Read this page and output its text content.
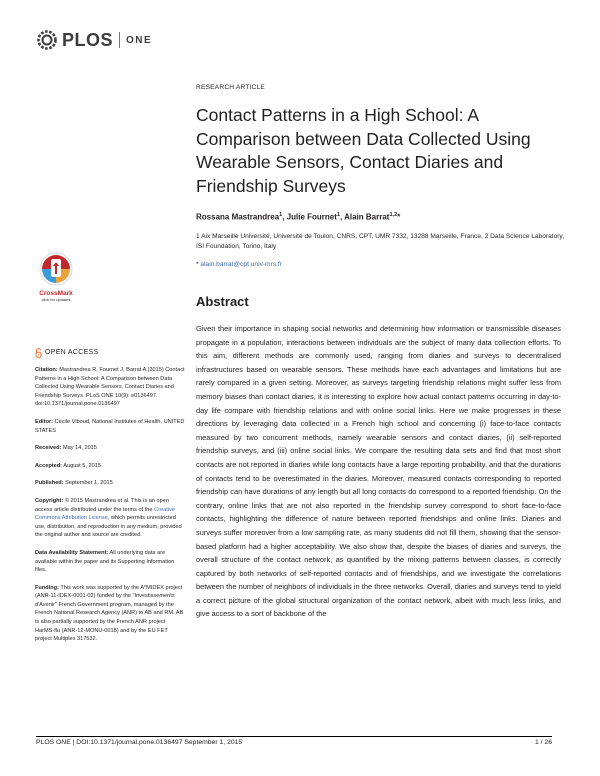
PLOS ONE
RESEARCH ARTICLE
Contact Patterns in a High School: A Comparison between Data Collected Using Wearable Sensors, Contact Diaries and Friendship Surveys
Rossana Mastrandrea$^1$, Julie Fournet$^1$, Alain Barrat$^{1,2}$*
1 Aix Marseille Université, Université de Toulon, CNRS, CPT, UMR 7332, 13288 Marseille, France, 2 Data Science Laboratory, ISI Foundation, Torino, Italy
* alain.barrat@cpt.univ-mrs.fr
CrossMark
click for updates	Abstract

Given their importance in shaping social networks and determining how information or transmissible diseases propagate in a population, interactions between individuals are the subject of many data collection efforts. To this aim, different methods are commonly used, ranging from diaries and surveys to decentralised infrastructures based on wearable sensors. These methods have each advantages and limitations but are rarely compared in a given setting. Moreover, as surveys targeting friendship relations might suffer less from memory biases than contact diaries, it is interesting to explore how actual contact patterns occurring in day-to-day life compare with friendship relations and with online social links. Here we make progresses in these directions by leveraging data collected in a French high school and concerning (i) face-to-face contacts measured by two concurrent methods, namely wearable sensors and contact diaries, (ii) self-reported friendship surveys, and (iii) online social links. We compare the resulting data sets and find that most short contacts are not reported in diaries while long contacts have a large reporting probability, and that the durations of contacts tend to be overestimated in the diaries. Moreover, measured contacts corresponding to reported friendship can have durations of any length but all long contacts do correspond to a reported friendship. On the contrary, online links that are not also reported in the friendship survey correspond to short face-to-face contacts, highlighting the difference of nature between reported friendships and online links. Diaries and surveys suffer moreover from a low sampling rate, as many students did not fill them, showing that the sensor-based platform had a higher acceptability. We also show that, despite the biases of diaries and surveys, the overall structure of the contact network, as quantified by the mixing patterns between classes, is correctly captured by both networks of self-reported contacts and of friendships, and we investigate the correlations between the number of neighbors of individuals in the three networks. Overall, diaries and surveys tend to yield a correct picture of the global structural organization of the contact network, albeit with much less links, and give access to a sort of backbone of the

OPEN ACCESS
Citation: Mastrandrea R, Fournet J, Barrat A (2015) Contact Patterns in a High School: A Comparison between Data Collected Using Wearable Sensors, Contact Diaries and Friendship Surveys. PLoS ONE 10(9): e0136497. doi:10.1371/journal.pone.0136497
Editor: Cecile Viboud, National Institutes of Health, UNITED STATES
Received: May 14, 2015
Accepted: August 5, 2015
Published: September 1, 2015
Copyright: © 2015 Mastrandrea et al. This is an open access article distributed under the terms of the Creative Commons Attribution License, which permits unrestricted use, distribution, and reproduction in any medium, provided the original author and source are credited.
Data Availability Statement: All underlying data are available within the paper and its Supporting Information files.
Funding: This work was supported by the A*MIDEX project (ANR-11-IDEX-0001-02) funded by the "Investissements d'Avenir" French Government program, managed by the French National Research Agency (ANR) to AB and RM. AB is also partially supported by the French ANR project HarMS-flu (ANR-12-MONU-0018) and by the EU FET project Multiplex 317532.
PLOS ONE | DOI:10.1371/journal.pone.0136497 September 1, 2015	1 / 26
